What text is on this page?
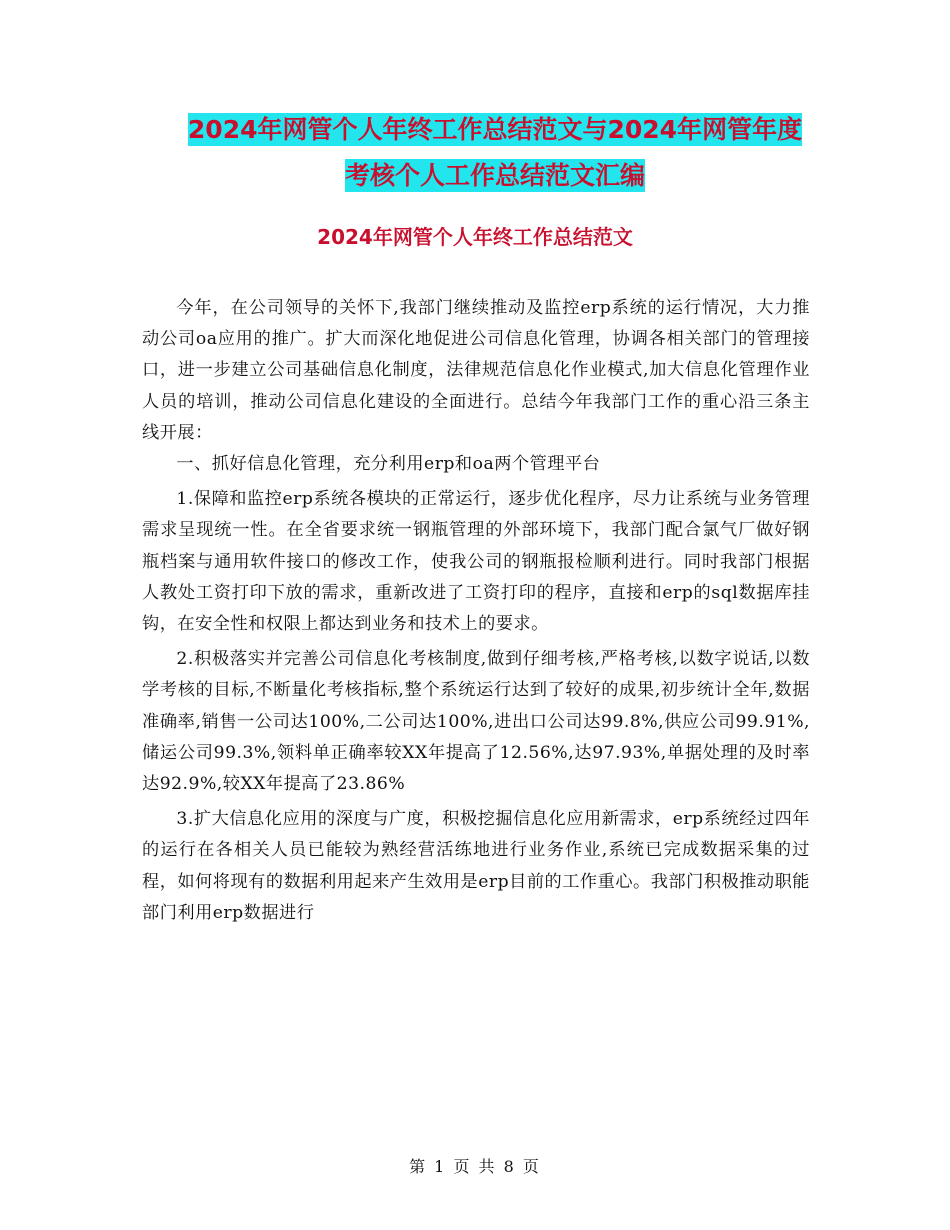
2024年网管个人年终工作总结范文与2024年网管年度
考核个人工作总结范文汇编
2024年网管个人年终工作总结范文

今年，在公司领导的关怀下,我部门继续推动及监控erp系统的运行情况，大力推动公司oa应用的推广。扩大而深化地促进公司信息化管理，协调各相关部门的管理接口，进一步建立公司基础信息化制度，法律规范信息化作业模式,加大信息化管理作业人员的培训，推动公司信息化建设的全面进行。总结今年我部门工作的重心沿三条主线开展：

一、抓好信息化管理，充分利用erp和oa两个管理平台

1.保障和监控erp系统各模块的正常运行，逐步优化程序，尽力让系统与业务管理需求呈现统一性。在全省要求统一钢瓶管理的外部环境下，我部门配合氯气厂做好钢瓶档案与通用软件接口的修改工作，使我公司的钢瓶报检顺利进行。同时我部门根据人教处工资打印下放的需求，重新改进了工资打印的程序，直接和erp的sql数据库挂钩，在安全性和权限上都达到业务和技术上的要求。

2.积极落实并完善公司信息化考核制度,做到仔细考核,严格考核,以数字说话,以数学考核的目标,不断量化考核指标,整个系统运行达到了较好的成果,初步统计全年,数据准确率,销售一公司达100%,二公司达100%,进出口公司达99.8%,供应公司99.91%,储运公司99.3%,领料单正确率较XX年提高了12.56%,达97.93%,单据处理的及时率达92.9%,较XX年提高了23.86%

3.扩大信息化应用的深度与广度，积极挖掘信息化应用新需求，erp系统经过四年的运行在各相关人员已能较为熟经营活练地进行业务作业,系统已完成数据采集的过程，如何将现有的数据利用起来产生效用是erp目前的工作重心。我部门积极推动职能部门利用erp数据进行

第 1 页 共 8 页
